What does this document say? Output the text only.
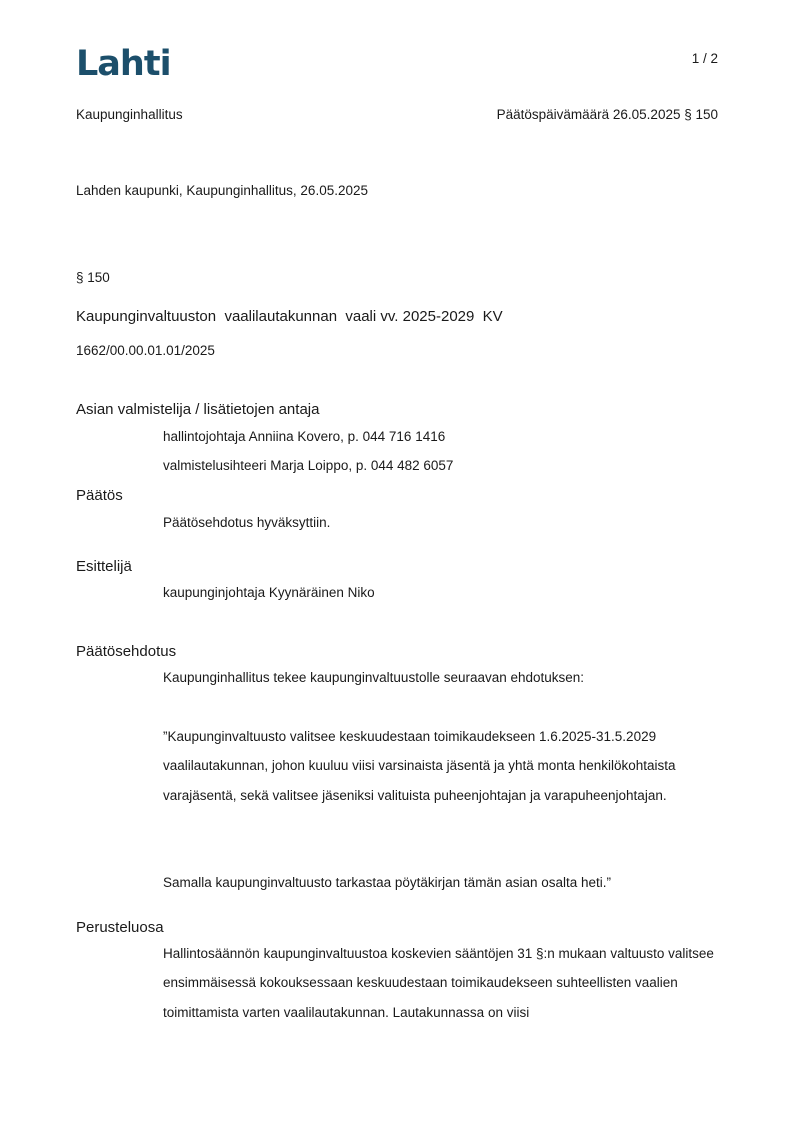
Lahti	1 / 2
Kaupunginhallitus	Päätöspäivämäärä 26.05.2025 § 150
Lahden kaupunki, Kaupunginhallitus, 26.05.2025
§ 150
Kaupunginvaltuuston  vaalilautakunnan  vaali vv. 2025-2029  KV
1662/00.00.01.01/2025
Asian valmistelija / lisätietojen antaja
hallintojohtaja Anniina Kovero, p. 044 716 1416
valmistelusihteeri Marja Loippo, p. 044 482 6057
Päätös
Päätösehdotus hyväksyttiin.
Esittelijä
kaupunginjohtaja Kyynäräinen Niko
Päätösehdotus
Kaupunginhallitus tekee kaupunginvaltuustolle seuraavan ehdotuksen:
”Kaupunginvaltuusto valitsee keskuudestaan toimikaudekseen 1.6.2025-31.5.2029 vaalilautakunnan, johon kuuluu viisi varsinaista jäsentä ja yhtä monta henkilökohtaista varajäsentä, sekä valitsee jäseniksi valituista puheenjohtajan ja varapuheenjohtajan.
Samalla kaupunginvaltuusto tarkastaa pöytäkirjan tämän asian osalta heti.”
Perusteluosa
Hallintosäännön kaupunginvaltuustoa koskevien sääntöjen 31 §:n mukaan valtuusto valitsee ensimmäisessä kokouksessaan keskuudestaan toimikaudekseen suhteellisten vaalien toimittamista varten vaalilautakunnan. Lautakunnassa on viisi
